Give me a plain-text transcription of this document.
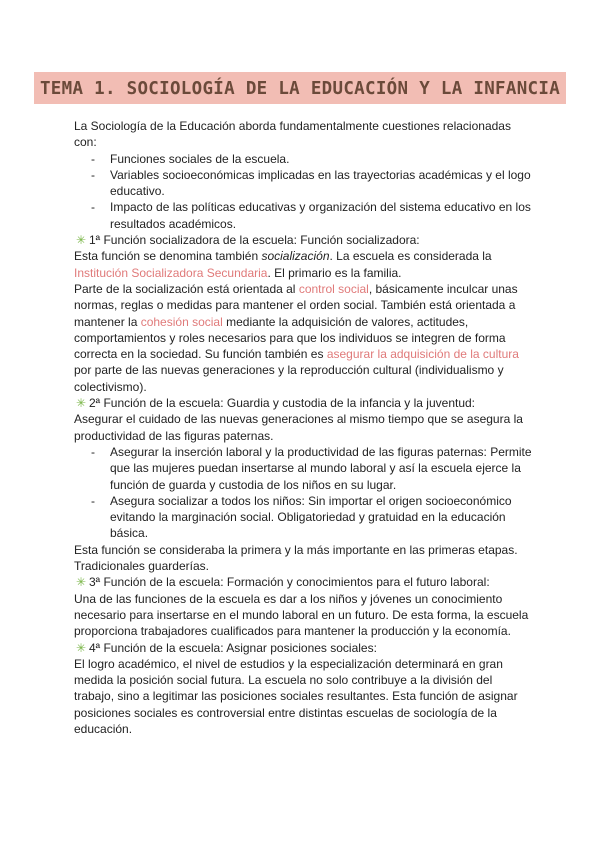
TEMA 1. SOCIOLOGÍA DE LA EDUCACIÓN Y LA INFANCIA

La Sociología de la Educación aborda fundamentalmente cuestiones relacionadas con:

- Funciones sociales de la escuela.
- Variables socioeconómicas implicadas en las trayectorias académicas y el logo educativo.
- Impacto de las políticas educativas y organización del sistema educativo en los resultados académicos.

✳ 1ª Función socializadora de la escuela: Función socializadora:

Esta función se denomina también socialización. La escuela es considerada la Institución Socializadora Secundaria. El primario es la familia.

Parte de la socialización está orientada al control social, básicamente inculcar unas normas, reglas o medidas para mantener el orden social. También está orientada a mantener la cohesión social mediante la adquisición de valores, actitudes, comportamientos y roles necesarios para que los individuos se integren de forma correcta en la sociedad. Su función también es asegurar la adquisición de la cultura por parte de las nuevas generaciones y la reproducción cultural (individualismo y colectivismo).

✳ 2ª Función de la escuela: Guardia y custodia de la infancia y la juventud:

Asegurar el cuidado de las nuevas generaciones al mismo tiempo que se asegura la productividad de las figuras paternas.

- Asegurar la inserción laboral y la productividad de las figuras paternas: Permite que las mujeres puedan insertarse al mundo laboral y así la escuela ejerce la función de guarda y custodia de los niños en su lugar.
- Asegura socializar a todos los niños: Sin importar el origen socioeconómico evitando la marginación social. Obligatoriedad y gratuidad en la educación básica.

Esta función se consideraba la primera y la más importante en las primeras etapas. Tradicionales guarderías.

✳ 3ª Función de la escuela: Formación y conocimientos para el futuro laboral:

Una de las funciones de la escuela es dar a los niños y jóvenes un conocimiento necesario para insertarse en el mundo laboral en un futuro. De esta forma, la escuela proporciona trabajadores cualificados para mantener la producción y la economía.

✳ 4ª Función de la escuela: Asignar posiciones sociales:

El logro académico, el nivel de estudios y la especialización determinará en gran medida la posición social futura. La escuela no solo contribuye a la división del trabajo, sino a legitimar las posiciones sociales resultantes. Esta función de asignar posiciones sociales es controversial entre distintas escuelas de sociología de la educación.
